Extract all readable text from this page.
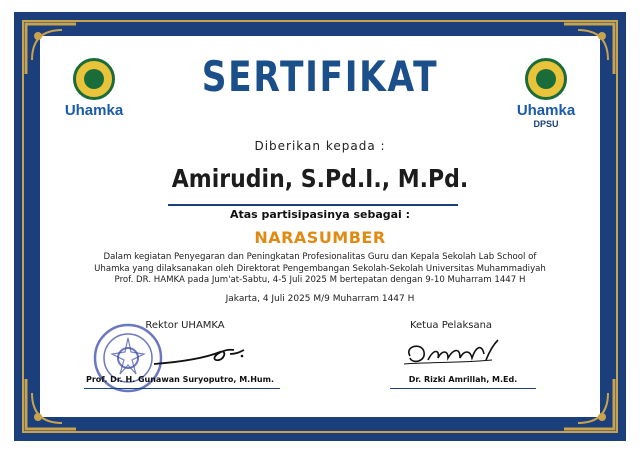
Uhamka	Uhamka
DPSU
SERTIFIKAT
Diberikan kepada :
Amirudin, S.Pd.I., M.Pd.
Atas partisipasinya sebagai :
NARASUMBER
Dalam kegiatan Penyegaran dan Peningkatan Profesionalitas Guru dan Kepala Sekolah Lab School of
Uhamka yang dilaksanakan oleh Direktorat Pengembangan Sekolah-Sekolah Universitas Muhammadiyah
Prof. DR. HAMKA pada Jum'at-Sabtu, 4-5 Juli 2025 M bertepatan dengan 9-10 Muharram 1447 H
Jakarta, 4 Juli 2025 M/9 Muharram 1447 H
Rektor UHAMKA
Prof. Dr. H. Gunawan Suryoputro, M.Hum.
Ketua Pelaksana
Dr. Rizki Amrillah, M.Ed.
